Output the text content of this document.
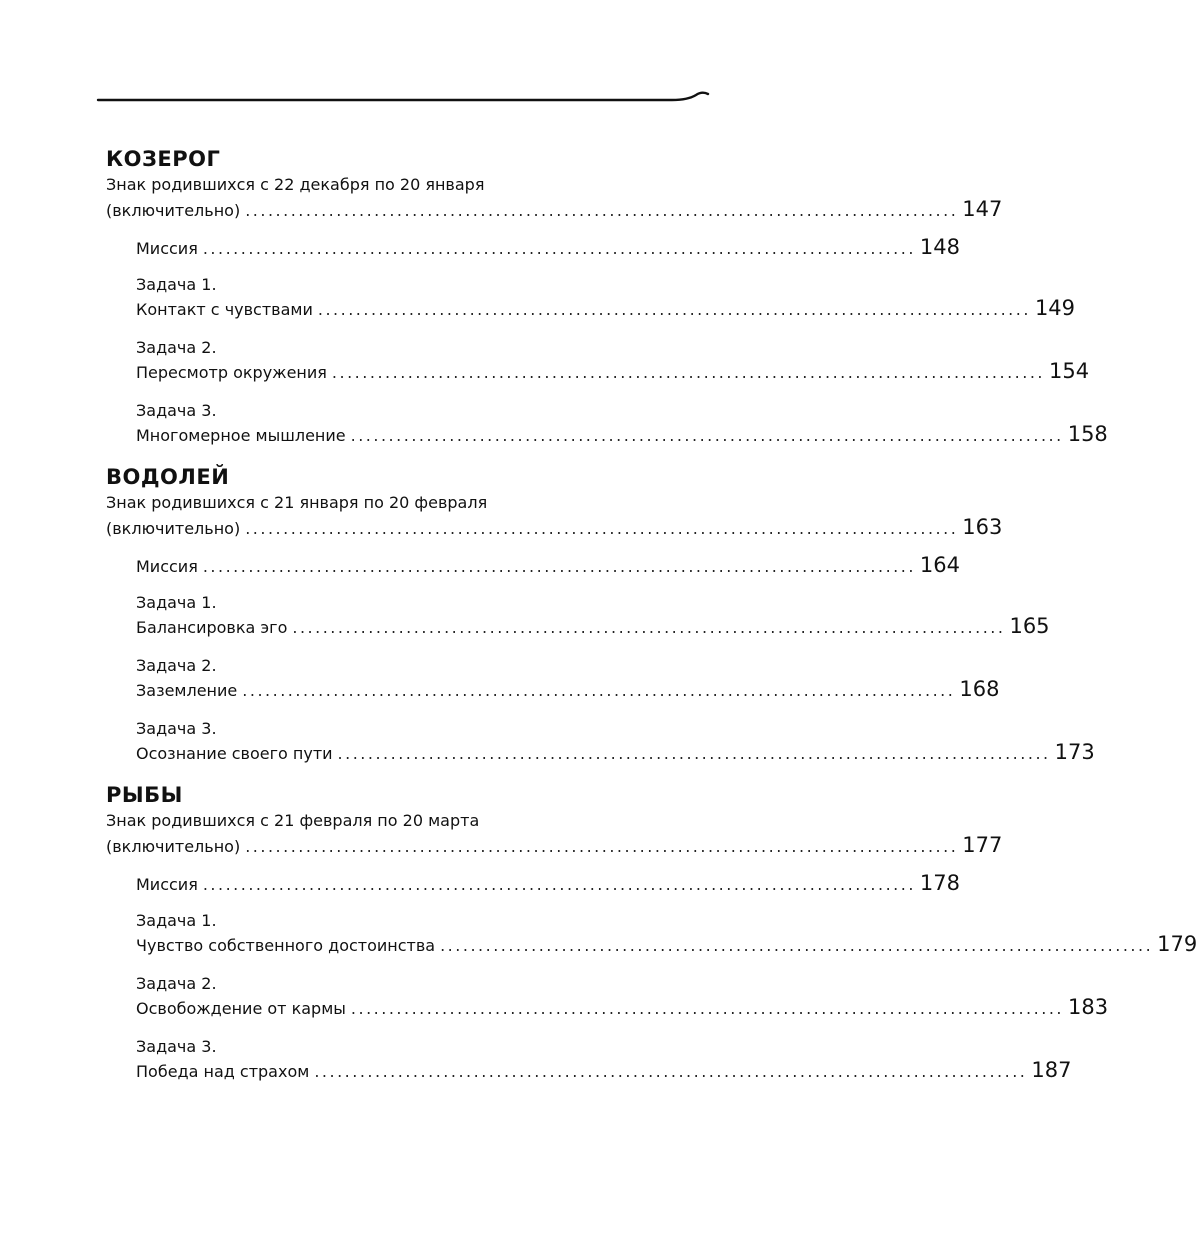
КОЗЕРОГ
Знак родившихся с 22 декабря по 20 января
(включительно) .............................................................................................. 147
Миссия .............................................................................................. 148
Задача 1.
Контакт с чувствами .............................................................................................. 149
Задача 2.
Пересмотр окружения .............................................................................................. 154
Задача 3.
Многомерное мышление .............................................................................................. 158
ВОДОЛЕЙ
Знак родившихся с 21 января по 20 февраля
(включительно) .............................................................................................. 163
Миссия .............................................................................................. 164
Задача 1.
Балансировка эго .............................................................................................. 165
Задача 2.
Заземление .............................................................................................. 168
Задача 3.
Осознание своего пути .............................................................................................. 173
РЫБЫ
Знак родившихся с 21 февраля по 20 марта
(включительно) .............................................................................................. 177
Миссия .............................................................................................. 178
Задача 1.
Чувство собственного достоинства .............................................................................................. 179
Задача 2.
Освобождение от кармы .............................................................................................. 183
Задача 3.
Победа над страхом .............................................................................................. 187
